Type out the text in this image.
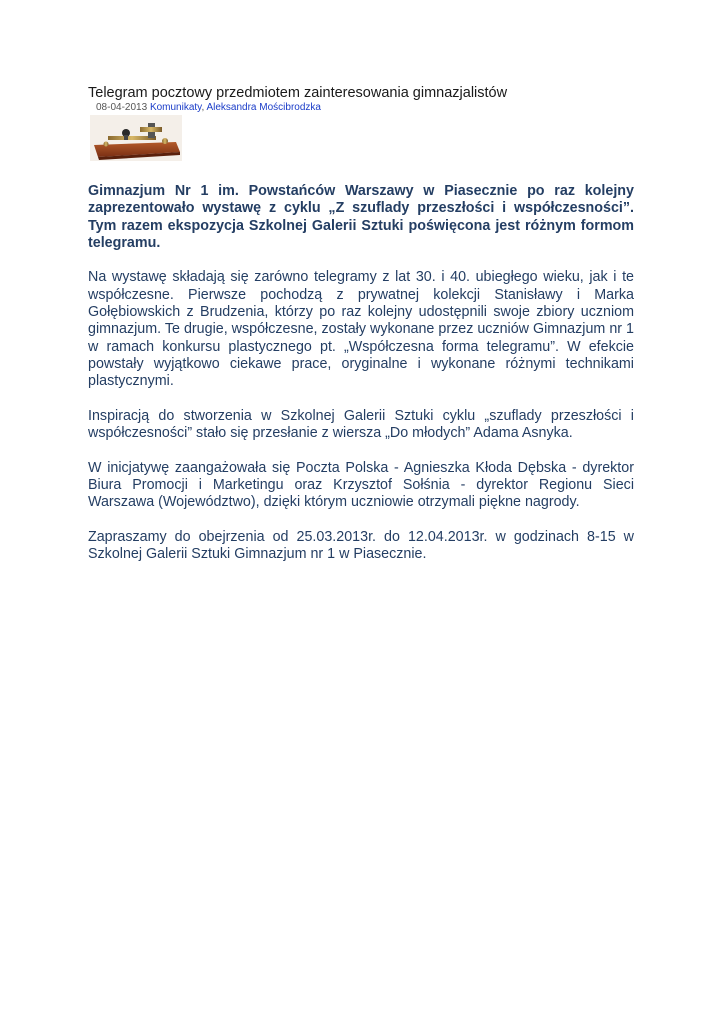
Telegram pocztowy przedmiotem zainteresowania gimnazjalistów
08-04-2013 Komunikaty, Aleksandra Mościbrodzka

Gimnazjum Nr 1 im. Powstańców Warszawy w Piasecznie po raz kolejny zaprezentowało wystawę z cyklu „Z szuflady przeszłości i współczesności”. Tym razem ekspozycja Szkolnej Galerii Sztuki poświęcona jest różnym formom telegramu.

Na wystawę składają się zarówno telegramy z lat 30. i 40. ubiegłego wieku, jak i te współczesne. Pierwsze pochodzą z prywatnej kolekcji Stanisławy i Marka Gołębiowskich z Brudzenia, którzy po raz kolejny udostępnili swoje zbiory uczniom gimnazjum. Te drugie, współczesne, zostały wykonane przez uczniów Gimnazjum nr 1 w ramach konkursu plastycznego pt. „Współczesna forma telegramu”. W efekcie powstały wyjątkowo ciekawe prace, oryginalne i wykonane różnymi technikami plastycznymi.

Inspiracją do stworzenia w Szkolnej Galerii Sztuki cyklu „szuflady przeszłości i współczesności” stało się przesłanie z wiersza „Do młodych” Adama Asnyka.

W inicjatywę zaangażowała się Poczta Polska - Agnieszka Kłoda Dębska - dyrektor Biura Promocji i Marketingu oraz Krzysztof Sołśnia - dyrektor Regionu Sieci Warszawa (Województwo), dzięki którym uczniowie otrzymali piękne nagrody.

Zapraszamy do obejrzenia od 25.03.2013r. do 12.04.2013r. w godzinach 8-15 w Szkolnej Galerii Sztuki Gimnazjum nr 1 w Piasecznie.
